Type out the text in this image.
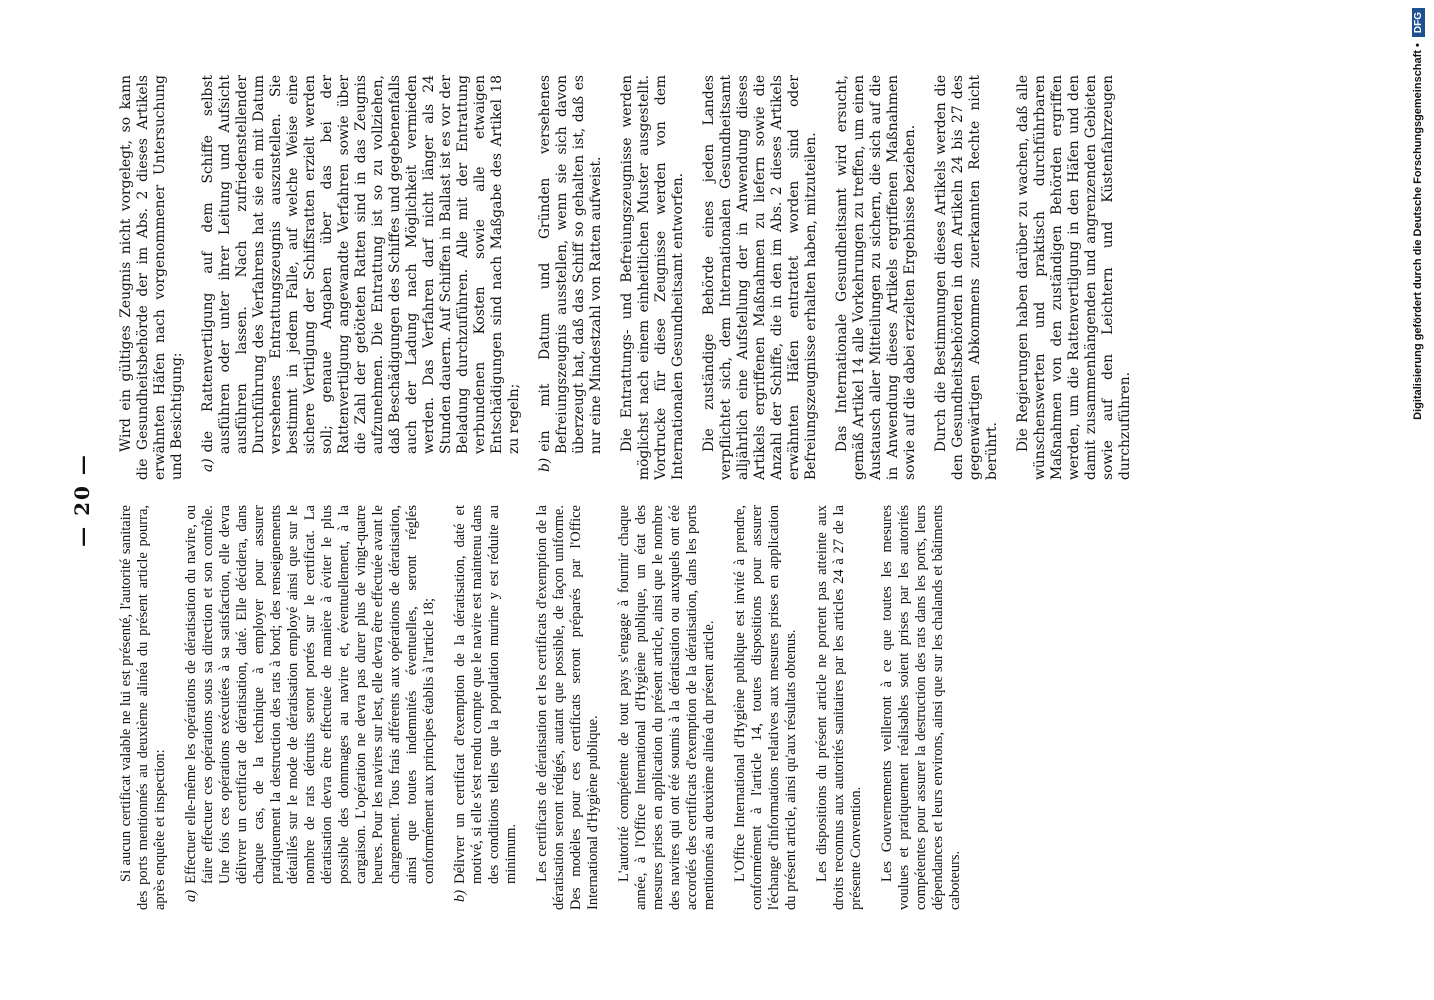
— 20 —

Si aucun certificat valable ne lui est présenté, l'autorité sanitaire des ports mentionnés au deuxième alinéa du présent article pourra, après enquête et inspection: a)Effectuer elle-même les opérations de dératisation du navire, ou faire effectuer ces opérations sous sa direction et son contrôle. Une fois ces opérations exécutées à sa satisfaction, elle devra délivrer un certificat de dératisation, daté. Elle décidera, dans chaque cas, de la technique à employer pour assurer pratiquement la destruction des rats à bord; des renseignements détaillés sur le mode de dératisation employé ainsi que sur le nombre de rats détruits seront portés sur le certificat. La dératisation devra être effectuée de manière à éviter le plus possible des dommages au navire et, éventuellement, à la cargaison. L'opération ne devra pas durer plus de vingt-quatre heures. Pour les navires sur lest, elle devra être effectuée avant le chargement. Tous frais afférents aux opérations de dératisation, ainsi que toutes indemnités éventuelles, seront réglés conformément aux principes établis à l'article 18;
b)Délivrer un certificat d'exemption de la dératisation, daté et motivé, si elle s'est rendu compte que le navire est maintenu dans des conditions telles que la population murine y est réduite au minimum. Les certificats de dératisation et les certificats d'exemption de la dératisation seront rédigés, autant que possible, de façon uniforme. Des modèles pour ces certificats seront préparés par l'Office International d'Hygiène publique. L'autorité compétente de tout pays s'engage à fournir chaque année, à l'Office International d'Hygiène publique, un état des mesures prises en application du présent article, ainsi que le nombre des navires qui ont été soumis à la dératisation ou auxquels ont été accordés des certificats d'exemption de la dératisation, dans les ports mentionnés au deuxième alinéa du présent article. L'Office International d'Hygiène publique est invité à prendre, conformément à l'article 14, toutes dispositions pour assurer l'échange d'informations relatives aux mesures prises en application du présent article, ainsi qu'aux résultats obtenus. Les dispositions du présent article ne portent pas atteinte aux droits reconnus aux autorités sanitaires par les articles 24 à 27 de la présente Convention. Les Gouvernements veilleront à ce que toutes les mesures voulues et pratiquement réalisables soient prises par les autorités compétentes pour assurer la destruction des rats dans les ports, leurs dépendances et leurs environs, ainsi que sur les chalands et bâtiments caboteurs.

Wird ein gültiges Zeugnis nicht vorgelegt, so kann die Gesundheitsbehörde der im Abs. 2 dieses Artikels erwähnten Häfen nach vorgenommener Untersuchung und Besichtigung: a)die Rattenvertilgung auf dem Schiffe selbst ausführen oder unter ihrer Leitung und Aufsicht ausführen lassen. Nach zufriedenstellender Durchführung des Verfahrens hat sie ein mit Datum versehenes Entrattungszeugnis auszustellen. Sie bestimmt in jedem Falle, auf welche Weise eine sichere Vertilgung der Schiffsratten erzielt werden soll; genaue Angaben über das bei der Rattenvertilgung angewandte Verfahren sowie über die Zahl der getöteten Ratten sind in das Zeugnis aufzunehmen. Die Entrattung ist so zu vollziehen, daß Beschädigungen des Schiffes und gegebenenfalls auch der Ladung nach Möglichkeit vermieden werden. Das Verfahren darf nicht länger als 24 Stunden dauern. Auf Schiffen in Ballast ist es vor der Beladung durchzuführen. Alle mit der Entrattung verbundenen Kosten sowie alle etwaigen Entschädigungen sind nach Maßgabe des Artikel 18 zu regeln;
b)ein mit Datum und Gründen versehenes Befreiungszeugnis ausstellen, wenn sie sich davon überzeugt hat, daß das Schiff so gehalten ist, daß es nur eine Mindestzahl von Ratten aufweist. Die Entrattungs- und Befreiungszeugnisse werden möglichst nach einem einheitlichen Muster ausgestellt. Vordrucke für diese Zeugnisse werden von dem Internationalen Gesundheitsamt entworfen. Die zuständige Behörde eines jeden Landes verpflichtet sich, dem Internationalen Gesundheitsamt alljährlich eine Aufstellung der in Anwendung dieses Artikels ergriffenen Maßnahmen zu liefern sowie die Anzahl der Schiffe, die in den im Abs. 2 dieses Artikels erwähnten Häfen entrattet worden sind oder Befreiungszeugnisse erhalten haben, mitzuteilen. Das Internationale Gesundheitsamt wird ersucht, gemäß Artikel 14 alle Vorkehrungen zu treffen, um einen Austausch aller Mitteilungen zu sichern, die sich auf die in Anwendung dieses Artikels ergriffenen Maßnahmen sowie auf die dabei erzielten Ergebnisse beziehen. Durch die Bestimmungen dieses Artikels werden die den Gesundheitsbehörden in den Artikeln 24 bis 27 des gegenwärtigen Abkommens zuerkannten Rechte nicht berührt. Die Regierungen haben darüber zu wachen, daß alle wünschenswerten und praktisch durchführbaren Maßnahmen von den zuständigen Behörden ergriffen werden, um die Rattenvertilgung in den Häfen und den damit zusammenhängenden und angrenzenden Gebieten sowie auf den Leichtern und Küstenfahrzeugen durchzuführen.

Digitalisierung gefördert durch die Deutsche Forschungsgemeinschaft •
DFG
